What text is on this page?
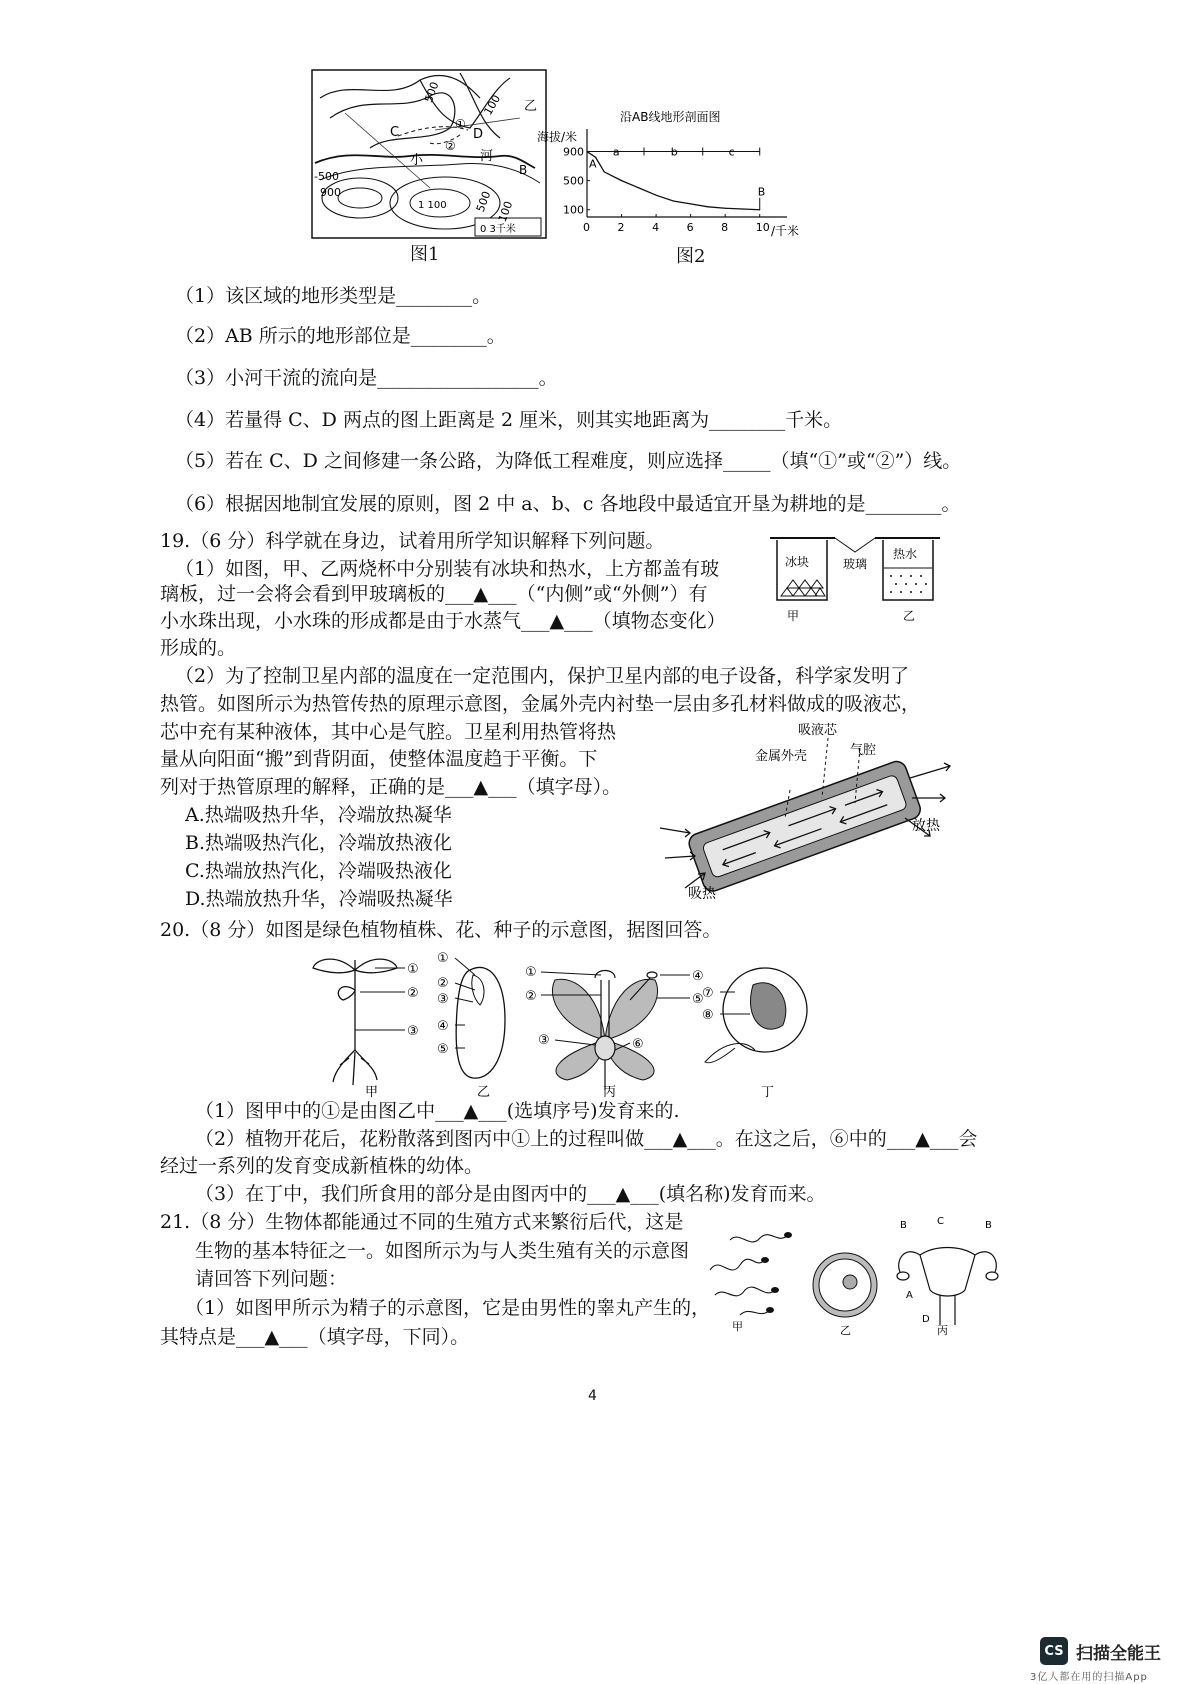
C	D
乙
B
①
②
小	河
500
100
-500
900
1 100 500 100
0 3千米
图1
沿AB线地形剖面图
海拔/米
/千米
0	2	4	6	8	10
100
500
900	a	b	c
A
B
图2
（1）该区域的地形类型是________。
（2）AB 所示的地形部位是________。
（3）小河干流的流向是_________________。
（4）若量得 C、D 两点的图上距离是 2 厘米，则其实地距离为________千米。
（5）若在 C、D 之间修建一条公路，为降低工程难度，则应选择_____（填“①”或“②”）线。
（6）根据因地制宜发展的原则，图 2 中 a、b、c 各地段中最适宜开垦为耕地的是________。
19.（6 分）科学就在身边，试着用所学知识解释下列问题。
（1）如图，甲、乙两烧杯中分别装有冰块和热水，上方都盖有玻
璃板，过一会将会看到甲玻璃板的___▲___（“内侧”或“外侧”）有
小水珠出现，小水珠的形成都是由于水蒸气___▲___（填物态变化）
形成的。
冰块	玻璃
热水
甲	乙
（2）为了控制卫星内部的温度在一定范围内，保护卫星内部的电子设备，科学家发明了
热管。如图所示为热管传热的原理示意图，金属外壳内衬垫一层由多孔材料做成的吸液芯，
芯中充有某种液体，其中心是气腔。卫星利用热管将热
量从向阳面“搬”到背阴面，使整体温度趋于平衡。下
列对于热管原理的解释，正确的是___▲___（填字母）。
A.热端吸热升华，冷端放热凝华
B.热端吸热汽化，冷端放热液化
C.热端放热汽化，冷端吸热液化
D.热端放热升华，冷端吸热凝华
吸液芯
金属外壳	气腔
放热
吸热
20.（8 分）如图是绿色植物植株、花、种子的示意图，据图回答。
①
②
③
①
②
③
④
⑤
①
②
③
④
⑤
⑥
⑦
⑧
甲	乙	丙	丁
（1）图甲中的①是由图乙中___▲___(选填序号)发育来的.
（2）植物开花后，花粉散落到图丙中①上的过程叫做___▲___。在这之后，⑥中的___▲___会
经过一系列的发育变成新植株的幼体。
（3）在丁中，我们所食用的部分是由图丙中的___▲___(填名称)发育而来。
21.（8 分）生物体都能通过不同的生殖方式来繁衍后代，这是
生物的基本特征之一。如图所示为与人类生殖有关的示意图
请回答下列问题：
（1）如图甲所示为精子的示意图，它是由男性的睾丸产生的，
其特点是___▲___（填字母，下同）。
B	C	B
A
D
甲	乙	丙
4
CS 扫描全能王
3亿人都在用的扫描App
